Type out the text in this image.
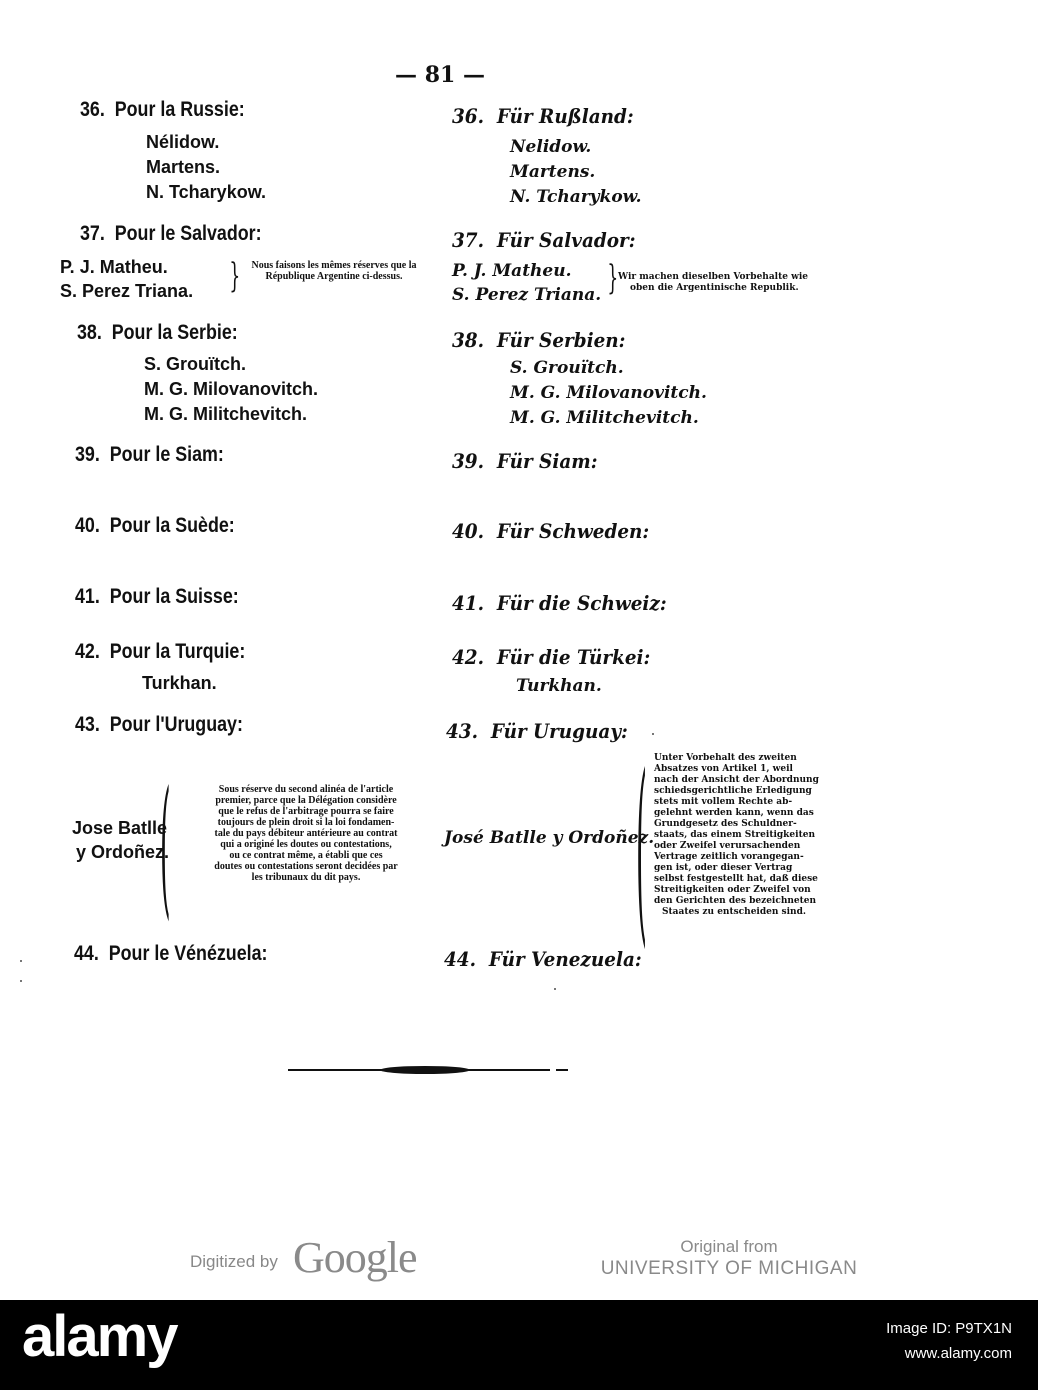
— 81 —
36. Pour la Russie:
Nélidow.
Martens.
N. Tcharykow.
37. Pour le Salvador:
P. J. Matheu.
S. Perez Triana. }	Nous faisons les mêmes réserves que la République Argentine ci-dessus.
38. Pour la Serbie:
S. Grouïtch.
M. G. Milovanovitch.
M. G. Militchevitch.
39. Pour le Siam:
40. Pour la Suède:
41. Pour la Suisse:
42. Pour la Turquie:
Turkhan.
43. Pour l'Uruguay:
Jose Batlle
y Ordoñez.
(	Sous réserve du second alinéa de l'article
premier, parce que la Délégation considère
que le refus de l'arbitrage pourra se faire
toujours de plein droit si la loi fondamen-
tale du pays débiteur antérieure au contrat
qui a originé les doutes ou contestations,
ou ce contrat même, a établi que ces
doutes ou contestations seront decidées par
les tribunaux du dit pays.
44. Pour le Vénézuela:
36. Für Rußland:
Nelidow.
Martens.
N. Tcharykow.
37. Für Salvador:
P. J. Matheu.
S. Perez Triana. } Wir machen dieselben Vorbehalte wie
oben die Argentinische Republik.
38. Für Serbien:
S. Grouïtch.
M. G. Milovanovitch.
M. G. Militchevitch.
39. Für Siam:
40. Für Schweden:
41. Für die Schweiz:
42. Für die Türkei:
Turkhan.
43. Für Uruguay:
José Batlle y Ordoñez.
( Unter Vorbehalt des zweiten
Absatzes von Artikel 1, weil
nach der Ansicht der Abordnung
schiedsgerichtliche Erledigung
stets mit vollem Rechte ab-
gelehnt werden kann, wenn das
Grundgesetz des Schuldner-
staats, das einem Streitigkeiten
oder Zweifel verursachenden
Vertrage zeitlich vorangegan-
gen ist, oder dieser Vertrag
selbst festgestellt hat, daß diese
Streitigkeiten oder Zweifel von
den Gerichten des bezeichneten
Staates zu entscheiden sind.
44. Für Venezuela:
Digitized by Google	Original from
UNIVERSITY OF MICHIGAN
alamy	Image ID: P9TX1N
www.alamy.com
